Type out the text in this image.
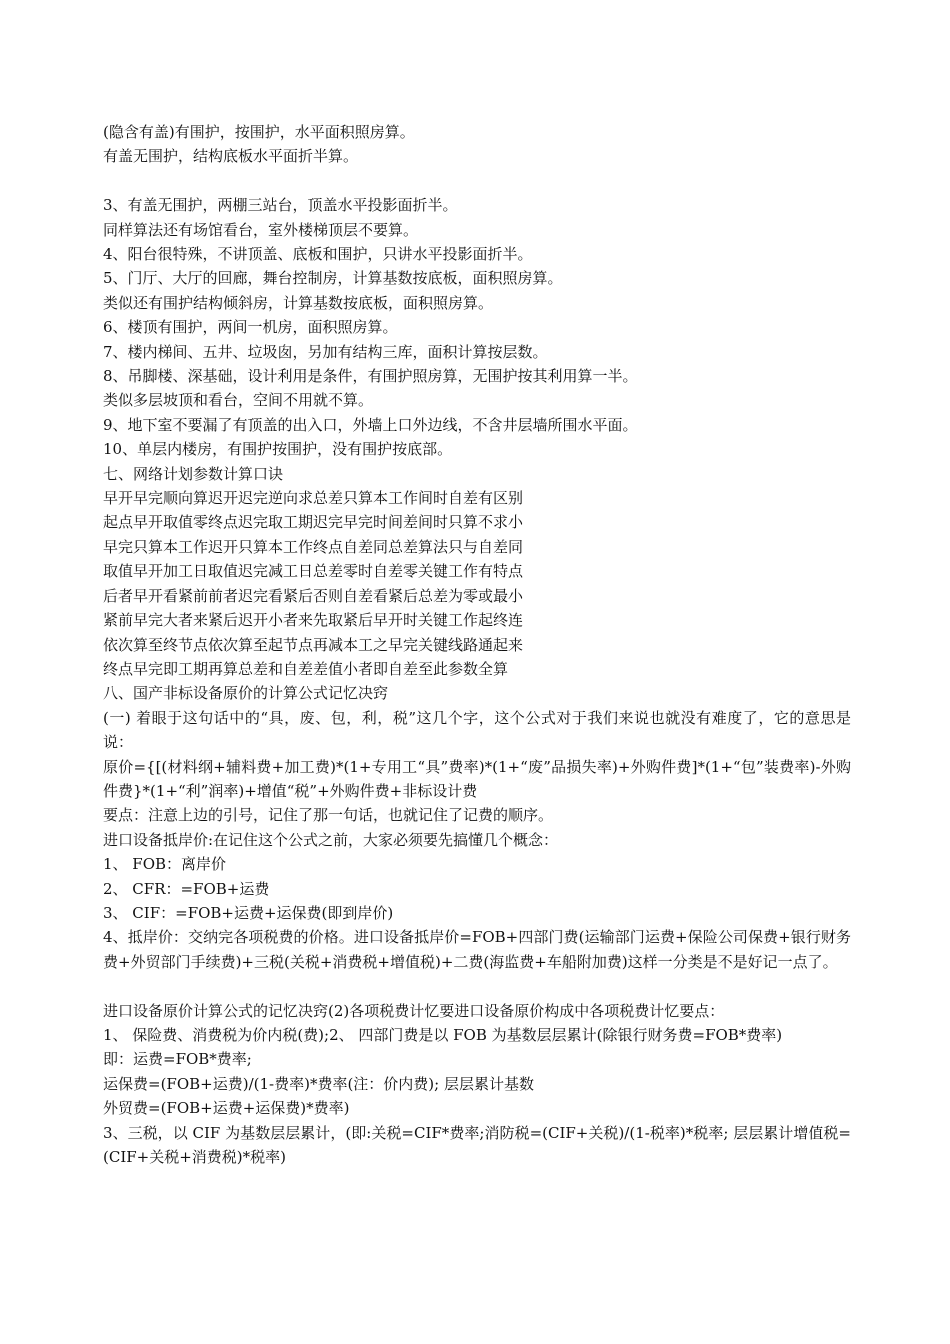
(隐含有盖)有围护，按围护，水平面积照房算。
有盖无围护，结构底板水平面折半算。
3、有盖无围护，两棚三站台，顶盖水平投影面折半。
同样算法还有场馆看台，室外楼梯顶层不要算。
4、阳台很特殊，不讲顶盖、底板和围护，只讲水平投影面折半。
5、门厅、大厅的回廊，舞台控制房，计算基数按底板，面积照房算。
类似还有围护结构倾斜房，计算基数按底板，面积照房算。
6、楼顶有围护，两间一机房，面积照房算。
7、楼内梯间、五井、垃圾囱，另加有结构三库，面积计算按层数。
8、吊脚楼、深基础，设计利用是条件，有围护照房算，无围护按其利用算一半。
类似多层坡顶和看台，空间不用就不算。
9、地下室不要漏了有顶盖的出入口，外墙上口外边线，不含井层墙所围水平面。
10、单层内楼房，有围护按围护，没有围护按底部。
七、网络计划参数计算口诀
早开早完顺向算迟开迟完逆向求总差只算本工作间时自差有区别
起点早开取值零终点迟完取工期迟完早完时间差间时只算不求小
早完只算本工作迟开只算本工作终点自差同总差算法只与自差同
取值早开加工日取值迟完减工日总差零时自差零关键工作有特点
后者早开看紧前前者迟完看紧后否则自差看紧后总差为零或最小
紧前早完大者来紧后迟开小者来先取紧后早开时关键工作起终连
依次算至终节点依次算至起节点再减本工之早完关键线路通起来
终点早完即工期再算总差和自差差值小者即自差至此参数全算
八、国产非标设备原价的计算公式记忆决窍
(一) 着眼于这句话中的“具，废、包，利，税”这几个字，这个公式对于我们来说也就没有难度了，它的意思是说：
原价={[(材料纲+辅料费+加工费)*(1+专用工“具”费率)*(1+“废”品损失率)+外购件费]*(1+“包”装费率)-外购件费}*(1+“利”润率)+增值“税”+外购件费+非标设计费
要点：注意上边的引号，记住了那一句话，也就记住了记费的顺序。
进口设备抵岸价:在记住这个公式之前，大家必须要先搞懂几个概念：
1、 FOB：离岸价
2、 CFR：=FOB+运费
3、 CIF：=FOB+运费+运保费(即到岸价)
4、抵岸价：交纳完各项税费的价格。进口设备抵岸价=FOB+四部门费(运输部门运费+保险公司保费+银行财务费+外贸部门手续费)+三税(关税+消费税+增值税)+二费(海监费+车船附加费)这样一分类是不是好记一点了。
进口设备原价计算公式的记忆决窍(2)各项税费计忆要进口设备原价构成中各项税费计忆要点：
1、 保险费、消费税为价内税(费);2、 四部门费是以 FOB 为基数层层累计(除银行财务费=FOB*费率)
即：运费=FOB*费率;
运保费=(FOB+运费)/(1-费率)*费率(注：价内费); 层层累计基数
外贸费=(FOB+运费+运保费)*费率)
3、三税，以 CIF 为基数层层累计，(即:关税=CIF*费率;消防税=(CIF+关税)/(1-税率)*税率; 层层累计增值税=(CIF+关税+消费税)*税率)
